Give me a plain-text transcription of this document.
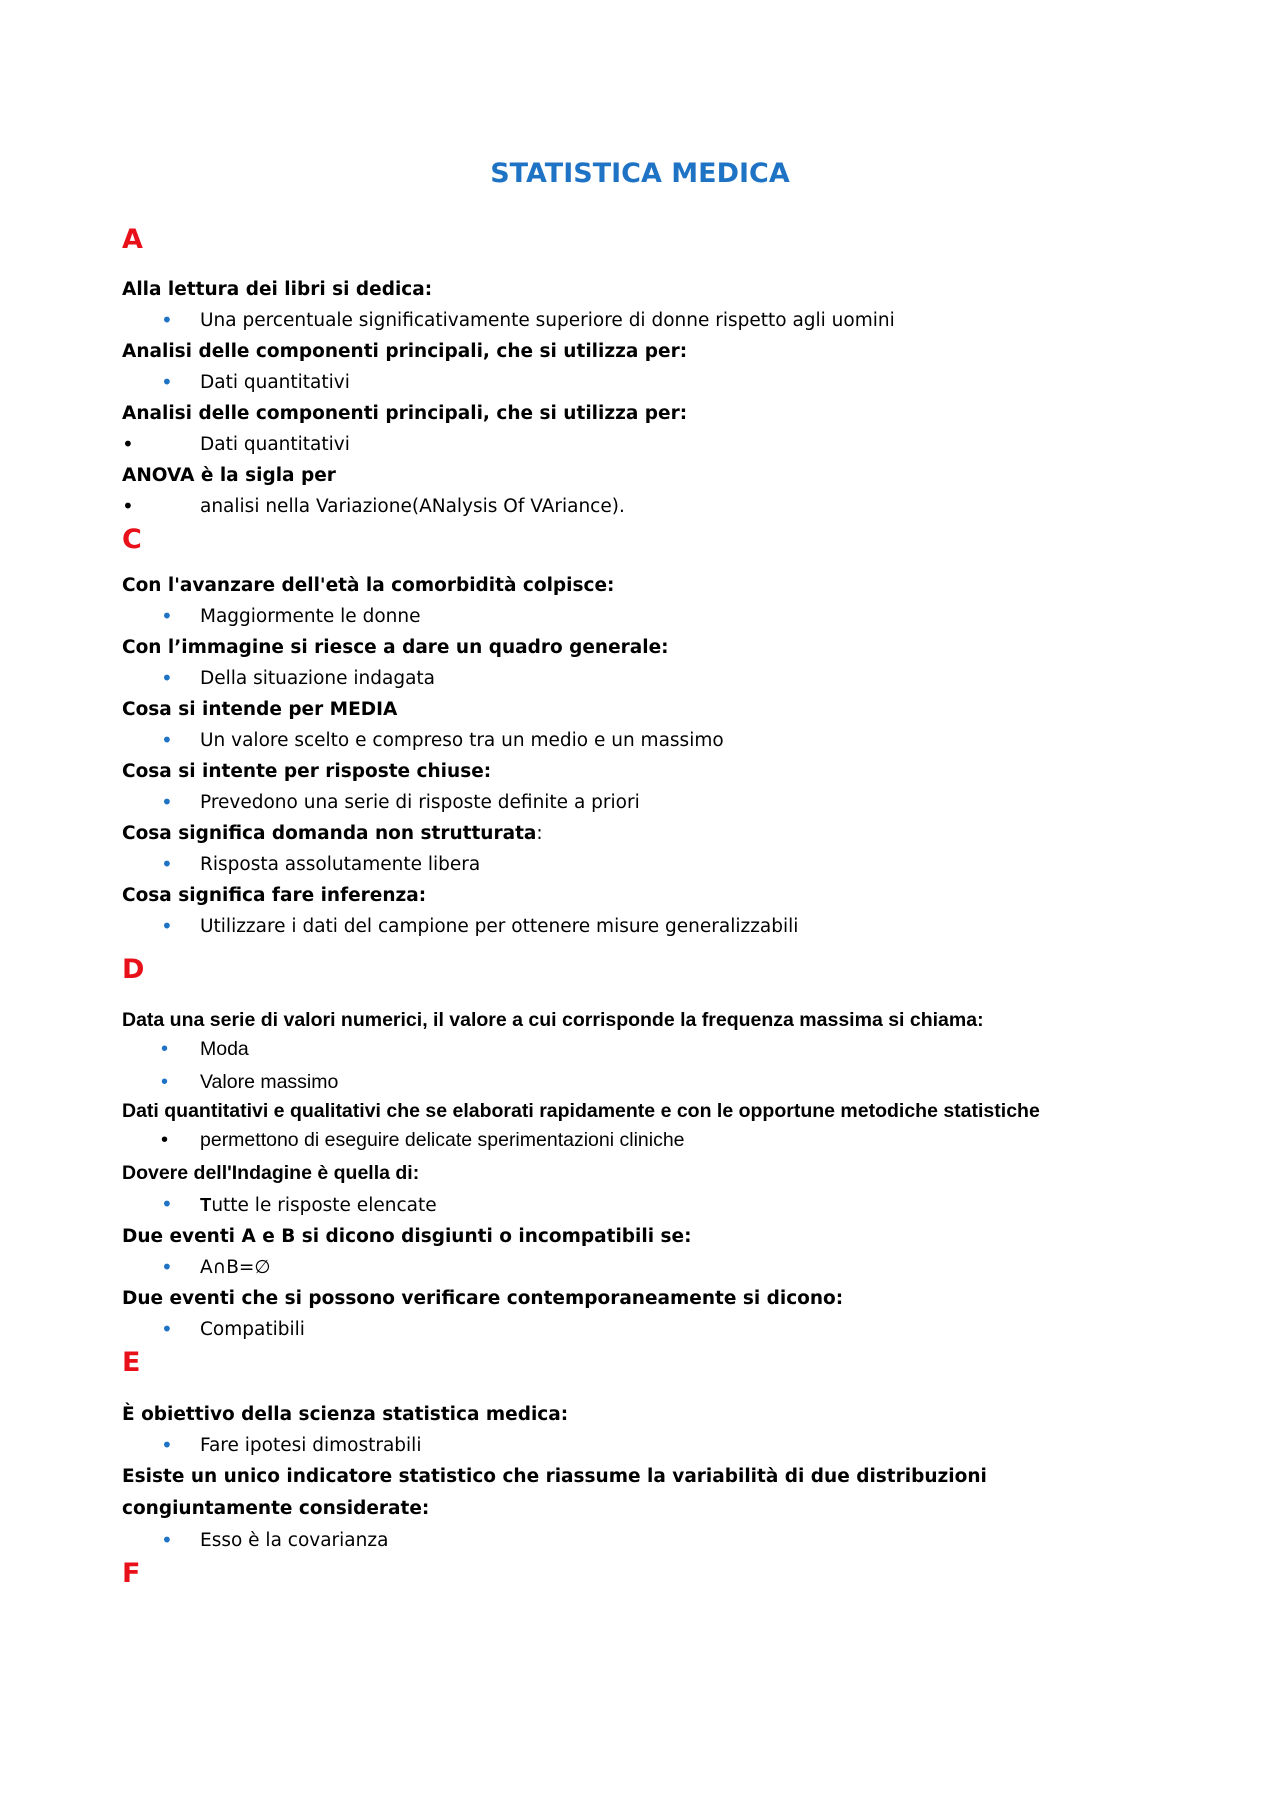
STATISTICA MEDICA

A

Alla lettura dei libri si dedica:

• Una percentuale significativamente superiore di donne rispetto agli uomini

Analisi delle componenti principali, che si utilizza per:

• Dati quantitativi

Analisi delle componenti principali, che si utilizza per:

•	Dati quantitativi

ANOVA è la sigla per

•	analisi nella Variazione(ANalysis Of VAriance).

C

Con l'avanzare dell'età la comorbidità colpisce:

• Maggiormente le donne

Con l’immagine si riesce a dare un quadro generale:

• Della situazione indagata

Cosa si intende per MEDIA

• Un valore scelto e compreso tra un medio e un massimo

Cosa si intente per risposte chiuse:

• Prevedono una serie di risposte definite a priori

Cosa significa domanda non strutturata:

• Risposta assolutamente libera

Cosa significa fare inferenza:

• Utilizzare i dati del campione per ottenere misure generalizzabili

D

Data una serie di valori numerici, il valore a cui corrisponde la frequenza massima si chiama:

• Moda

• Valore massimo

Dati quantitativi e qualitativi che se elaborati rapidamente e con le opportune metodiche statistiche

• permettono di eseguire delicate sperimentazioni cliniche

Dovere dell'Indagine è quella di:

• Tutte le risposte elencate

Due eventi A e B si dicono disgiunti o incompatibili se:

• A∩B=∅

Due eventi che si possono verificare contemporaneamente si dicono:

• Compatibili

E

È obiettivo della scienza statistica medica:

• Fare ipotesi dimostrabili

Esiste un unico indicatore statistico che riassume la variabilità di due distribuzioni congiuntamente considerate:

• Esso è la covarianza

F
